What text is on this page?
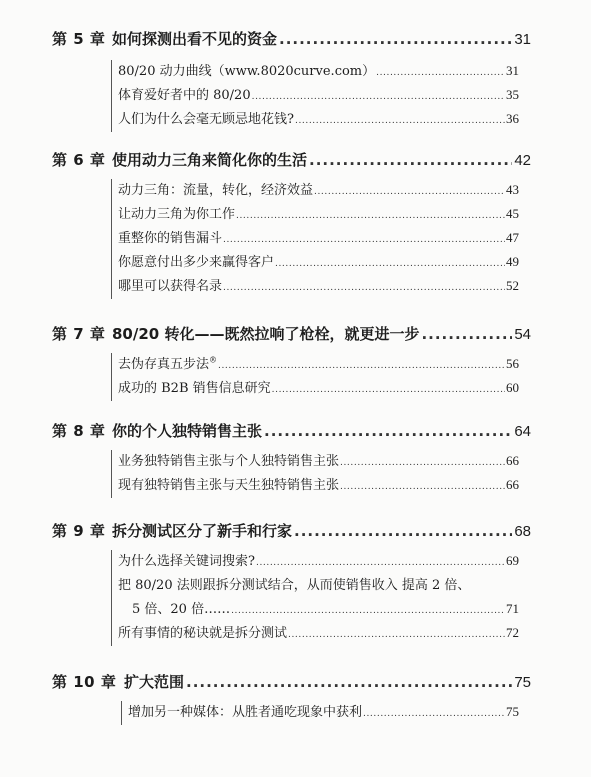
第 5 章 如何探测出看不见的资金 .....	31
80/20 动力曲线（www.8020curve.com） .....	31
体育爱好者中的 80/20 .....	35
人们为什么会毫无顾忌地花钱? .....	36
第 6 章 使用动力三角来简化你的生活 .....	42
动力三角：流量，转化，经济效益 .....	43
让动力三角为你工作 .....	45
重整你的销售漏斗 .....	47
你愿意付出多少来赢得客户 .....	49
哪里可以获得名录 .....	52
第 7 章 80/20 转化——既然拉响了枪栓，就更进一步 .....	54
去伪存真五步法® .....	56
成功的 B2B 销售信息研究 .....	60
第 8 章 你的个人独特销售主张 .....	64
业务独特销售主张与个人独特销售主张 .....	66
现有独特销售主张与天生独特销售主张 .....	66
第 9 章 拆分测试区分了新手和行家 .....	68
为什么选择关键词搜索? .....	69
把 80/20 法则跟拆分测试结合，从而使销售收入 提高 2 倍、
5 倍、20 倍…… .....	71
所有事情的秘诀就是拆分测试 .....	72
第 10 章 扩大范围 .....	75
增加另一种媒体：从胜者通吃现象中获利 .....	75
